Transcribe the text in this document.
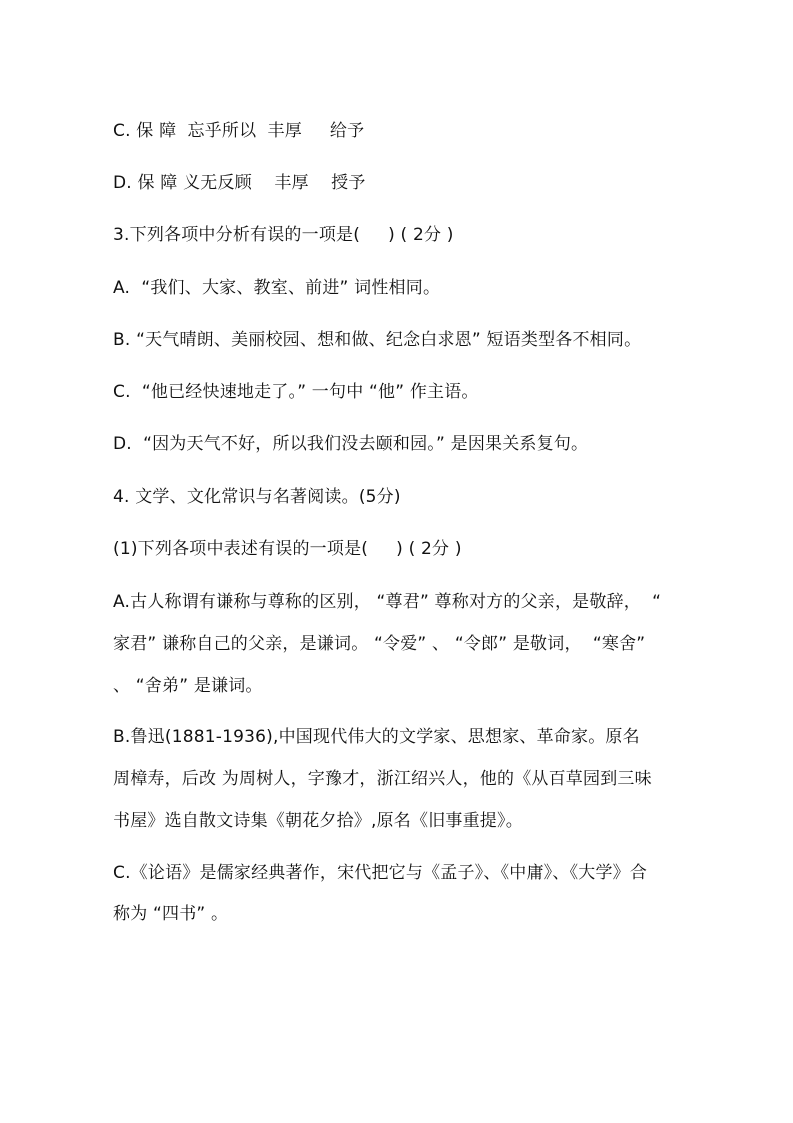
C. 保 障  忘乎所以  丰厚     给予
D. 保 障 义无反顾    丰厚    授予
3.下列各项中分析有误的一项是(     ) ( 2分 )
A.  “我们、大家、教室、前进” 词性相同。
B. “天气晴朗、美丽校园、想和做、纪念白求恩” 短语类型各不相同。
C.  “他已经快速地走了。” 一句中 “他” 作主语。
D.  “因为天气不好，所以我们没去颐和园。” 是因果关系复句。
4. 文学、文化常识与名著阅读。(5分)
(1)下列各项中表述有误的一项是(     ) ( 2分 )
A.古人称谓有谦称与尊称的区别， “尊君” 尊称对方的父亲，是敬辞，  “
家君” 谦称自己的父亲，是谦词。 “令爱” 、 “令郎” 是敬词，  “寒舍”
、 “舍弟” 是谦词。
B.鲁迅(1881-1936),中国现代伟大的文学家、思想家、革命家。原名
周樟寿，后改 为周树人，字豫才，浙江绍兴人，他的《从百草园到三味
书屋》选自散文诗集《朝花夕拾》,原名《旧事重提》。
C.《论语》是儒家经典著作，宋代把它与《孟子》、《中庸》、《大学》合
称为 “四书” 。
